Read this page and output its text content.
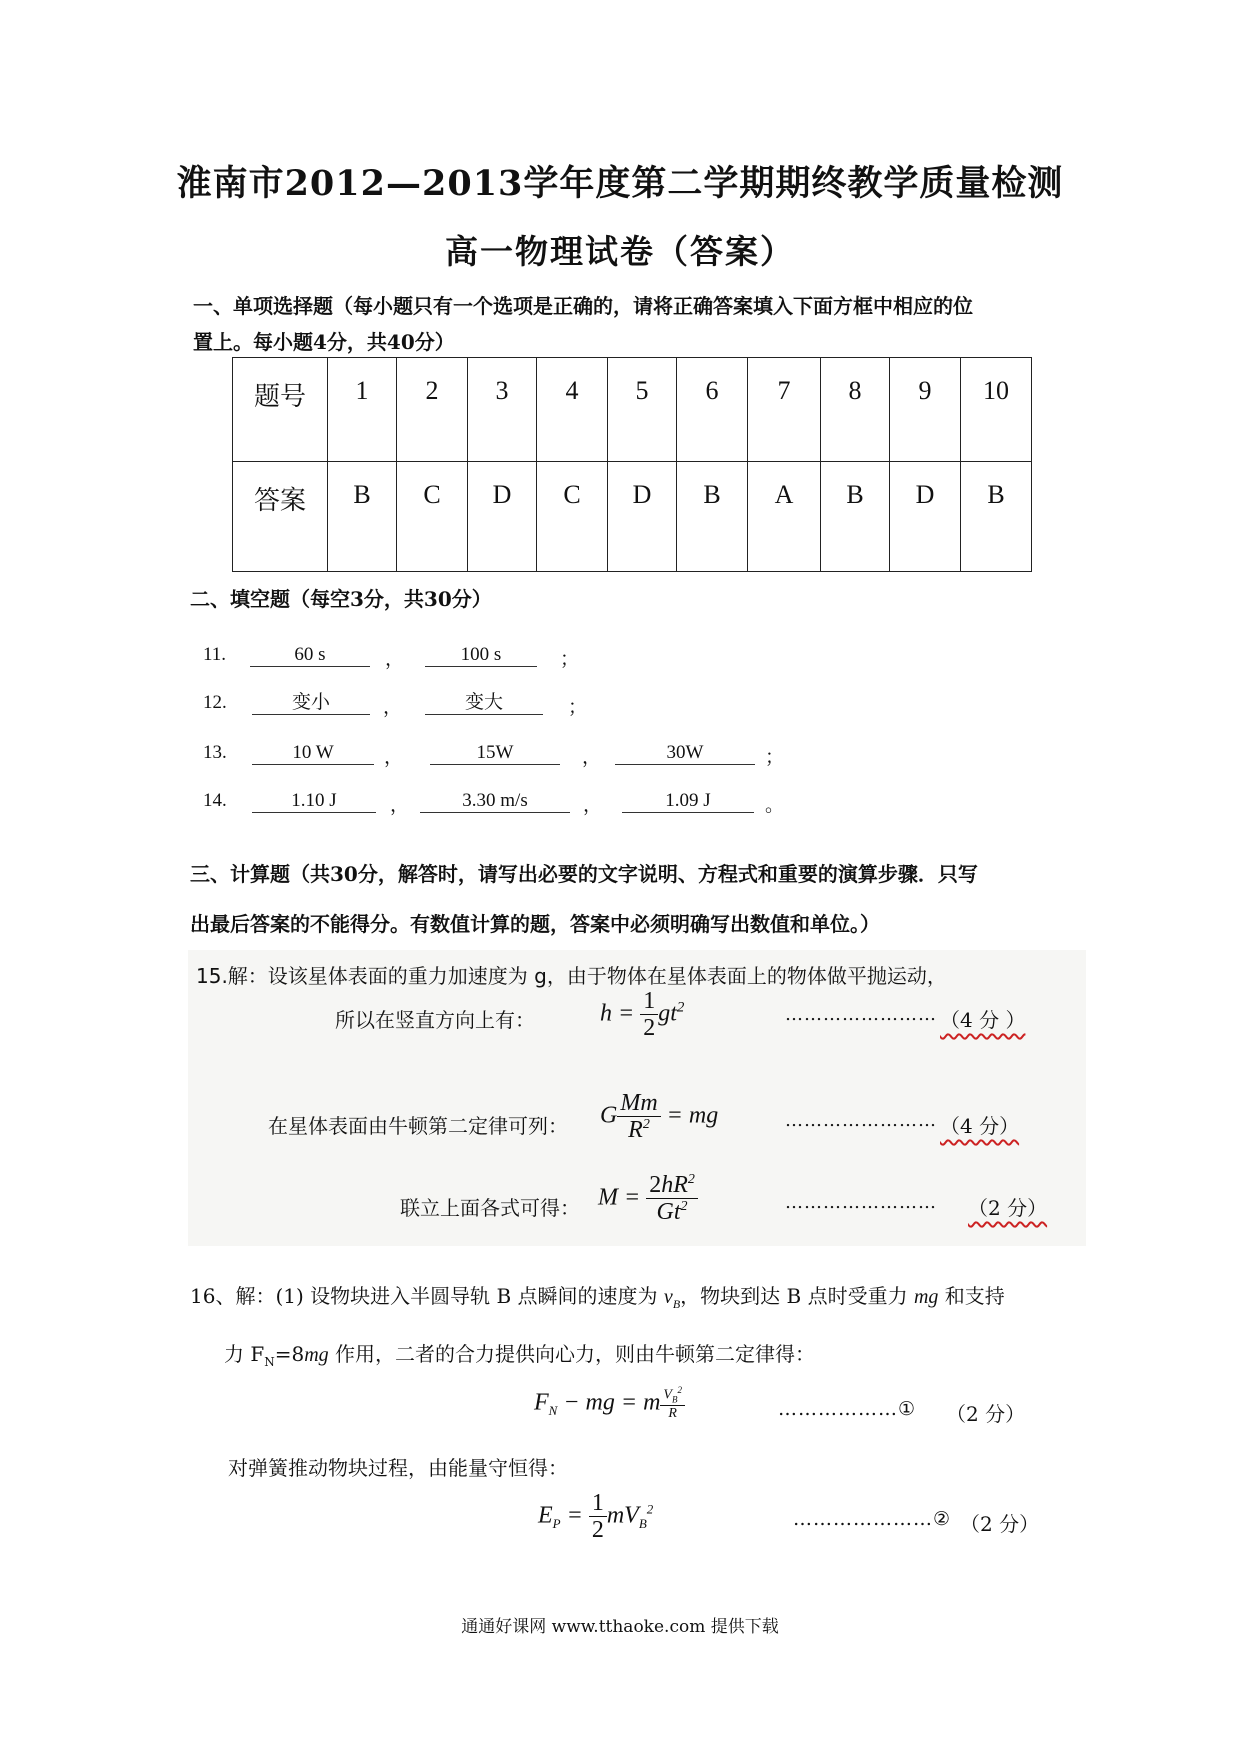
淮南市2012—2013学年度第二学期期终教学质量检测
高一物理试卷（答案）
一、单项选择题（每小题只有一个选项是正确的，请将正确答案填入下面方框中相应的位
置上。每小题4分，共40分）
题号	1	2	3	4	5	6	7	8	9	10
答案	B	C	D	C	D	B	A	B	D	B
二、填空题（每空3分，共30分）
11.	60 s	，	100 s	；
12.	变小	，	变大	；
13.	10 W	，	15W	，	30W	；
14.	1.10 J	，	3.30 m/s	，	1.09 J	。
三、计算题（共30分，解答时，请写出必要的文字说明、方程式和重要的演算步骤．只写
出最后答案的不能得分。有数值计算的题，答案中必须明确写出数值和单位。）
15.解：设该星体表面的重力加速度为 g，由于物体在星体表面上的物体做平抛运动，
所以在竖直方向上有：	$h = \frac{1}{2} gt^2$	…………………… （4 分 ）
在星体表面由牛顿第二定律可列： G $\frac{Mm}{R^2}$ = mg	…………………… （4 分）
联立上面各式可得： $M = \frac{2hR^2}{Gt^2}$	…………………… （2 分）
16、解：(1) 设物块进入半圆导轨 B 点瞬间的速度为 $v_B$，物块到达 B 点时受重力 mg 和支持
力 $F_N=8mg$ 作用，二者的合力提供向心力，则由牛顿第二定律得：
$F_N$ − mg = m $\frac{V_B^2}{R}$	………………① （2 分）
对弹簧推动物块过程，由能量守恒得：
$E_P = \frac{1}{2} mV_B^2$	…………………② （2 分）
通通好课网 www.tthaoke.com 提供下载
